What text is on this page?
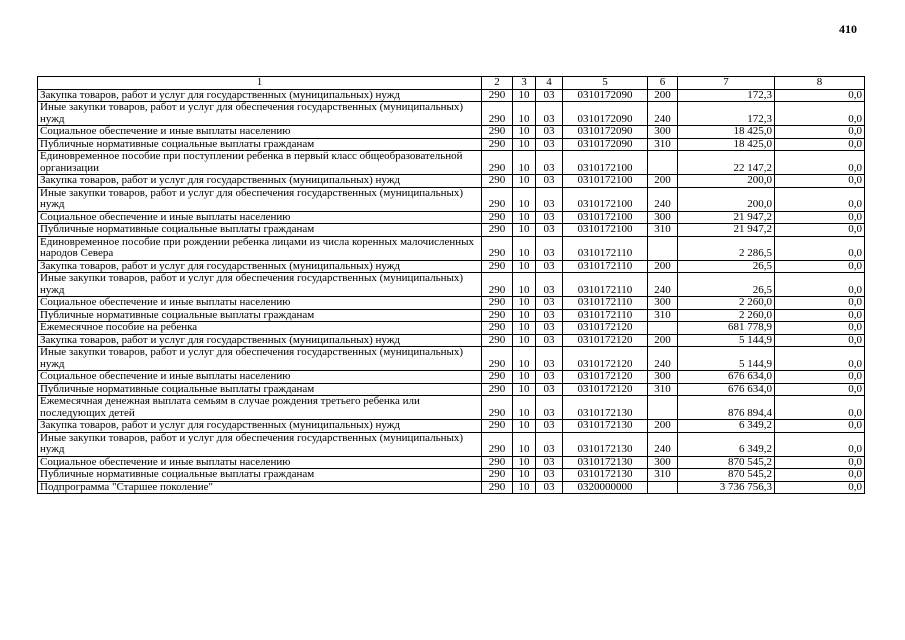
410
1	2	3	4	5	6	7	8
Закупка товаров, работ и услуг для государственных (муниципальных) нужд	290	10	03	0310172090	200	172,3	0,0
Иные закупки товаров, работ и услуг для обеспечения государственных (муниципальных) нужд	290	10	03	0310172090	240	172,3	0,0
Социальное обеспечение и иные выплаты населению	290	10	03	0310172090	300	18 425,0	0,0
Публичные нормативные социальные выплаты гражданам	290	10	03	0310172090	310	18 425,0	0,0
Единовременное пособие при поступлении ребенка в первый класс общеобразовательной организации	290	10	03	0310172100		22 147,2	0,0
Закупка товаров, работ и услуг для государственных (муниципальных) нужд	290	10	03	0310172100	200	200,0	0,0
Иные закупки товаров, работ и услуг для обеспечения государственных (муниципальных) нужд	290	10	03	0310172100	240	200,0	0,0
Социальное обеспечение и иные выплаты населению	290	10	03	0310172100	300	21 947,2	0,0
Публичные нормативные социальные выплаты гражданам	290	10	03	0310172100	310	21 947,2	0,0
Единовременное пособие при рождении ребенка лицами из числа коренных малочисленных народов Севера	290	10	03	0310172110		2 286,5	0,0
Закупка товаров, работ и услуг для государственных (муниципальных) нужд	290	10	03	0310172110	200	26,5	0,0
Иные закупки товаров, работ и услуг для обеспечения государственных (муниципальных) нужд	290	10	03	0310172110	240	26,5	0,0
Социальное обеспечение и иные выплаты населению	290	10	03	0310172110	300	2 260,0	0,0
Публичные нормативные социальные выплаты гражданам	290	10	03	0310172110	310	2 260,0	0,0
Ежемесячное пособие на ребенка	290	10	03	0310172120		681 778,9	0,0
Закупка товаров, работ и услуг для государственных (муниципальных) нужд	290	10	03	0310172120	200	5 144,9	0,0
Иные закупки товаров, работ и услуг для обеспечения государственных (муниципальных) нужд	290	10	03	0310172120	240	5 144,9	0,0
Социальное обеспечение и иные выплаты населению	290	10	03	0310172120	300	676 634,0	0,0
Публичные нормативные социальные выплаты гражданам	290	10	03	0310172120	310	676 634,0	0,0
Ежемесячная денежная выплата семьям в случае рождения третьего ребенка или последующих детей	290	10	03	0310172130		876 894,4	0,0
Закупка товаров, работ и услуг для государственных (муниципальных) нужд	290	10	03	0310172130	200	6 349,2	0,0
Иные закупки товаров, работ и услуг для обеспечения государственных (муниципальных) нужд	290	10	03	0310172130	240	6 349,2	0,0
Социальное обеспечение и иные выплаты населению	290	10	03	0310172130	300	870 545,2	0,0
Публичные нормативные социальные выплаты гражданам	290	10	03	0310172130	310	870 545,2	0,0
Подпрограмма "Старшее поколение"	290	10	03	0320000000		3 736 756,3	0,0
